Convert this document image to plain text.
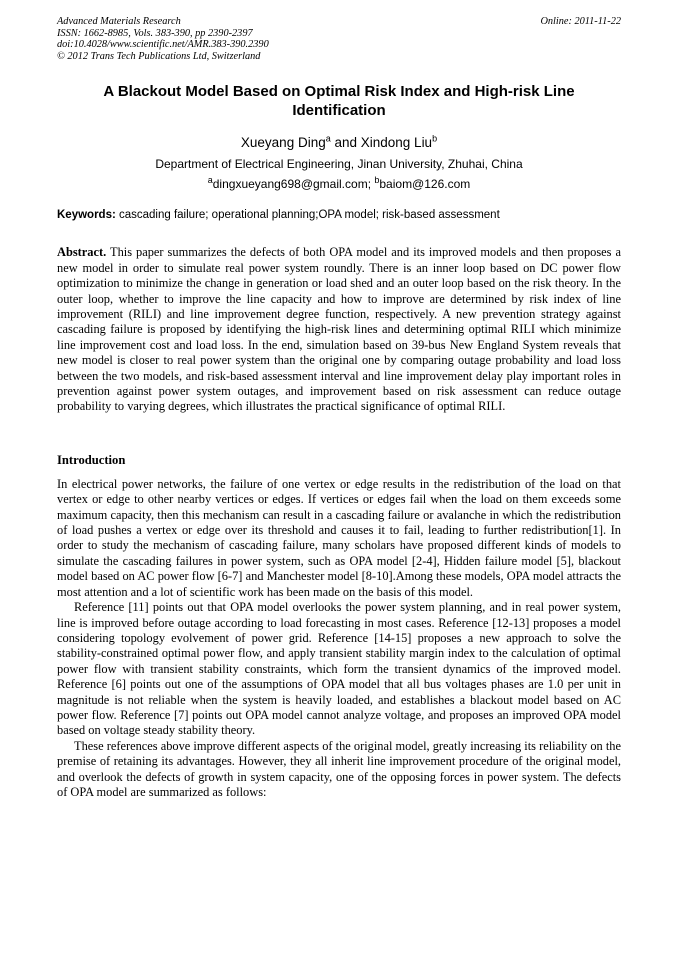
Advanced Materials Research
ISSN: 1662-8985, Vols. 383-390, pp 2390-2397
doi:10.4028/www.scientific.net/AMR.383-390.2390
© 2012 Trans Tech Publications Ltd, Switzerland
Online: 2011-11-22
A Blackout Model Based on Optimal Risk Index and High-risk Line Identification
Xueyang Ding$^a$ and Xindong Liu$^b$
Department of Electrical Engineering, Jinan University, Zhuhai, China
$^a$dingxueyang698@gmail.com; $^b$baiom@126.com
Keywords: cascading failure; operational planning;OPA model; risk-based assessment

Abstract. This paper summarizes the defects of both OPA model and its improved models and then proposes a new model in order to simulate real power system roundly. There is an inner loop based on DC power flow optimization to minimize the change in generation or load shed and an outer loop based on the risk theory. In the outer loop, whether to improve the line capacity and how to improve are determined by risk index of line improvement (RILI) and line improvement degree function, respectively. A new prevention strategy against cascading failure is proposed by identifying the high-risk lines and determining optimal RILI which minimize line improvement cost and load loss. In the end, simulation based on 39-bus New England System reveals that new model is closer to real power system than the original one by comparing outage probability and load loss between the two models, and risk-based assessment interval and line improvement delay play important roles in prevention against power system outages, and improvement based on risk assessment can reduce outage probability to varying degrees, which illustrates the practical significance of optimal RILI.

Introduction

In electrical power networks, the failure of one vertex or edge results in the redistribution of the load on that vertex or edge to other nearby vertices or edges. If vertices or edges fail when the load on them exceeds some maximum capacity, then this mechanism can result in a cascading failure or avalanche in which the redistribution of load pushes a vertex or edge over its threshold and causes it to fail, leading to further redistribution[1]. In order to study the mechanism of cascading failure, many scholars have proposed different kinds of models to simulate the cascading failures in power system, such as OPA model [2-4], Hidden failure model [5], blackout model based on AC power flow [6-7] and Manchester model [8-10].Among these models, OPA model attracts the most attention and a lot of scientific work has been made on the basis of this model.

Reference [11] points out that OPA model overlooks the power system planning, and in real power system, line is improved before outage according to load forecasting in most cases. Reference [12-13] proposes a model considering topology evolvement of power grid. Reference [14-15] proposes a new approach to solve the stability-constrained optimal power flow, and apply transient stability margin index to the calculation of optimal power flow with transient stability constraints, which form the transient dynamics of the improved model. Reference [6] points out one of the assumptions of OPA model that all bus voltages phases are 1.0 per unit in magnitude is not reliable when the system is heavily loaded, and establishes a blackout model based on AC power flow. Reference [7] points out OPA model cannot analyze voltage, and proposes an improved OPA model based on voltage steady stability theory.

These references above improve different aspects of the original model, greatly increasing its reliability on the premise of retaining its advantages. However, they all inherit line improvement procedure of the original model, and overlook the defects of growth in system capacity, one of the opposing forces in power system. The defects of OPA model are summarized as follows:
